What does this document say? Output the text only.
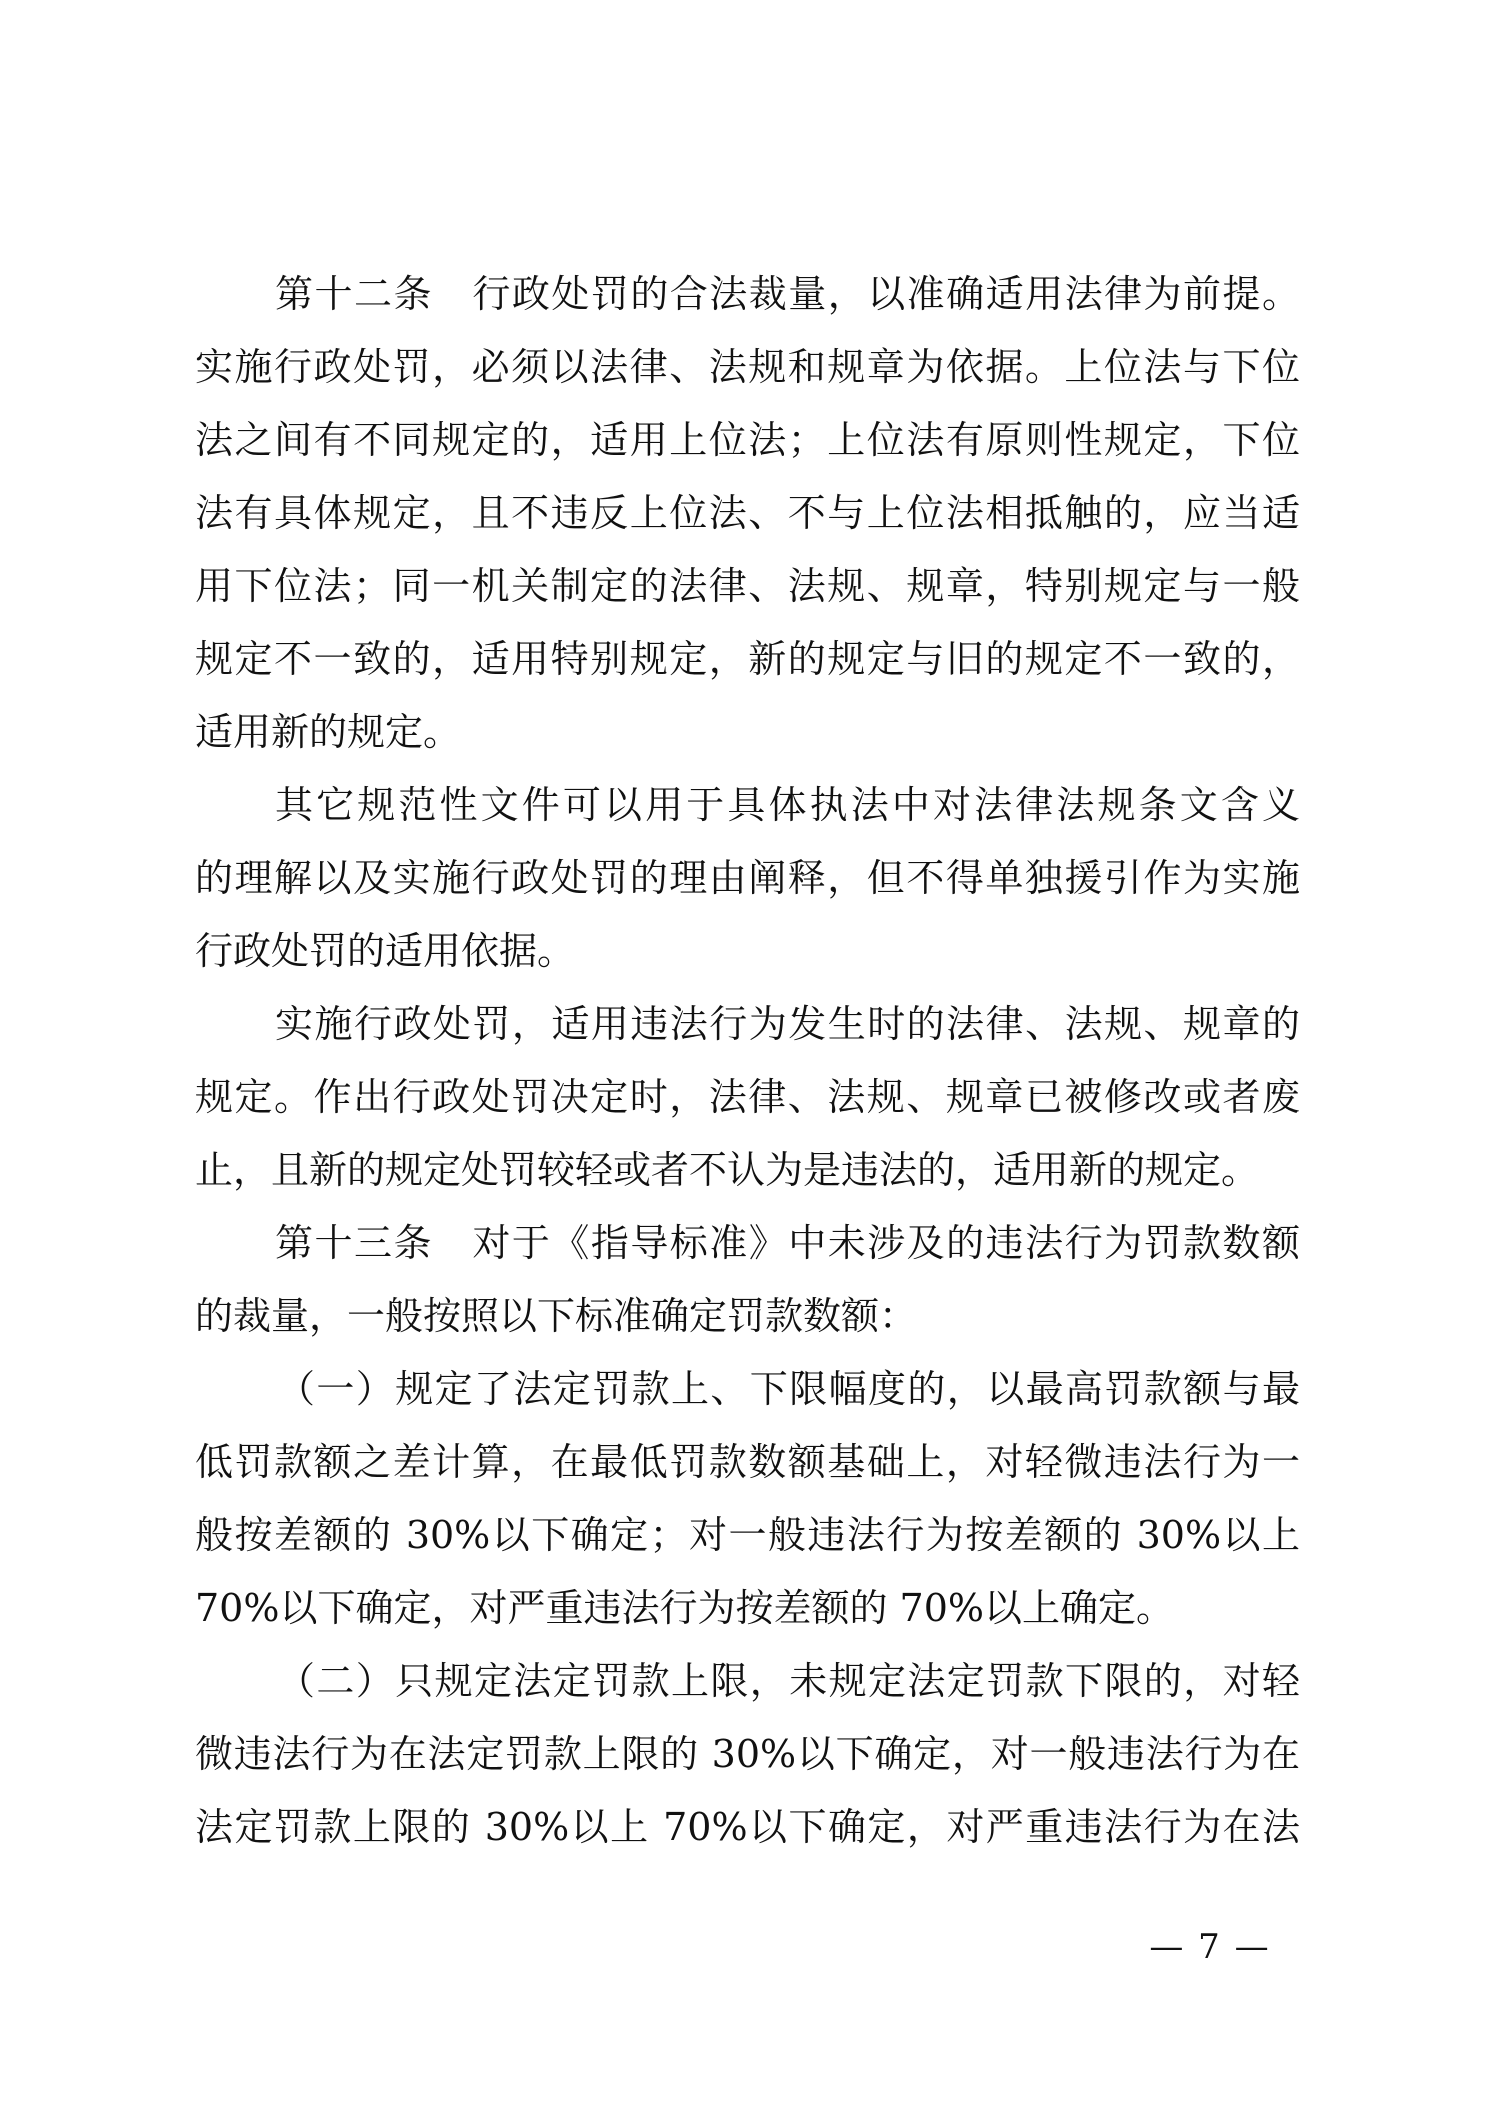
第十二条　行政处罚的合法裁量，以准确适用法律为前提。
实施行政处罚，必须以法律、法规和规章为依据。上位法与下位
法之间有不同规定的，适用上位法；上位法有原则性规定，下位
法有具体规定，且不违反上位法、不与上位法相抵触的，应当适
用下位法；同一机关制定的法律、法规、规章，特别规定与一般
规定不一致的，适用特别规定，新的规定与旧的规定不一致的，
适用新的规定。
其它规范性文件可以用于具体执法中对法律法规条文含义
的理解以及实施行政处罚的理由阐释，但不得单独援引作为实施
行政处罚的适用依据。
实施行政处罚，适用违法行为发生时的法律、法规、规章的
规定。作出行政处罚决定时，法律、法规、规章已被修改或者废
止，且新的规定处罚较轻或者不认为是违法的，适用新的规定。
第十三条　对于《指导标准》中未涉及的违法行为罚款数额
的裁量，一般按照以下标准确定罚款数额：
（一）规定了法定罚款上、下限幅度的，以最高罚款额与最
低罚款额之差计算，在最低罚款数额基础上，对轻微违法行为一
般按差额的 30%以下确定；对一般违法行为按差额的 30%以上
70%以下确定，对严重违法行为按差额的 70%以上确定。
（二）只规定法定罚款上限，未规定法定罚款下限的，对轻
微违法行为在法定罚款上限的 30%以下确定，对一般违法行为在
法定罚款上限的 30%以上 70%以下确定，对严重违法行为在法
— 7 —
